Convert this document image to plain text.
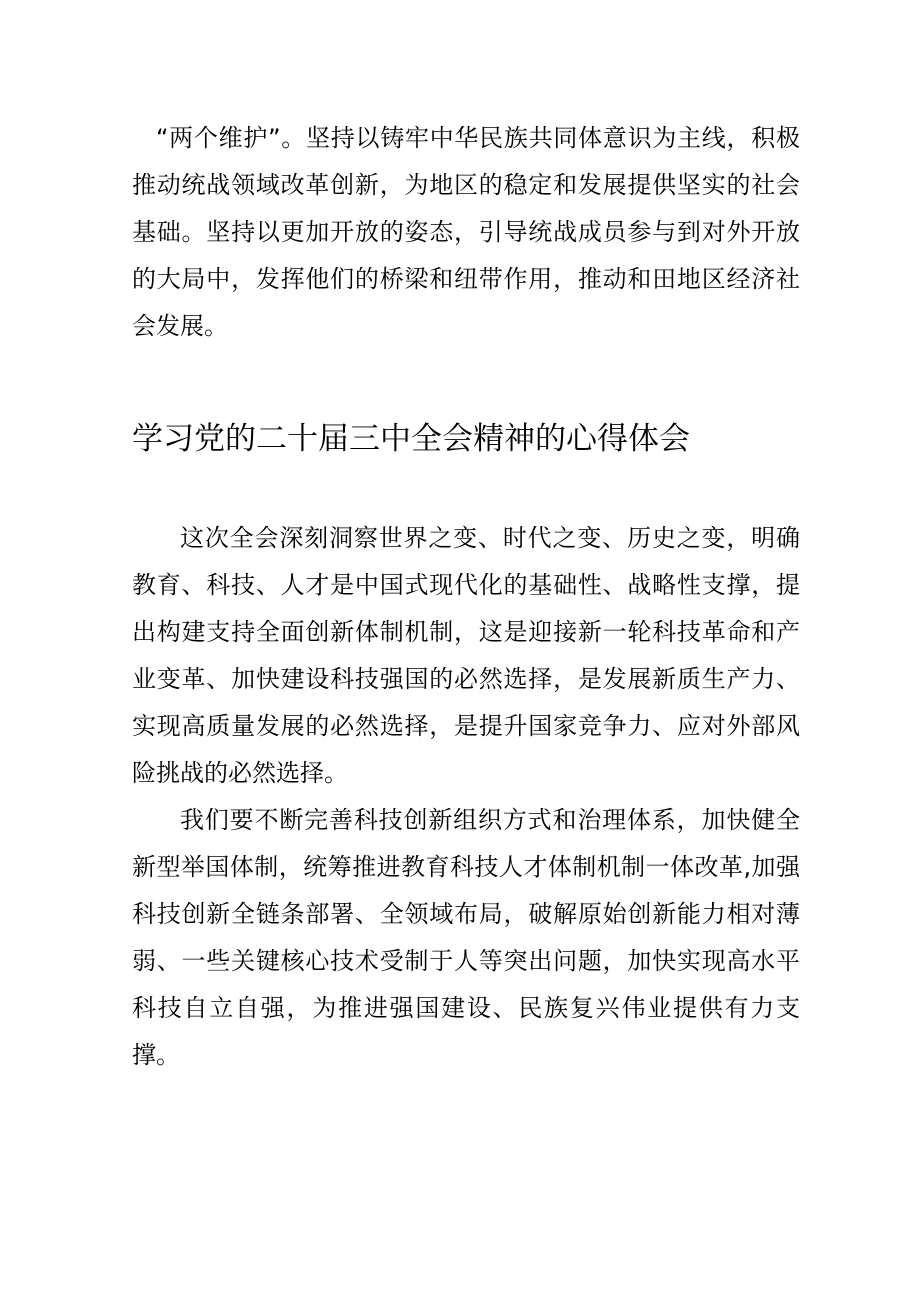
“两个维护”。坚持以铸牢中华民族共同体意识为主线，积极推动统战领域改革创新，为地区的稳定和发展提供坚实的社会基础。坚持以更加开放的姿态，引导统战成员参与到对外开放的大局中，发挥他们的桥梁和纽带作用，推动和田地区经济社会发展。

学习党的二十届三中全会精神的心得体会

这次全会深刻洞察世界之变、时代之变、历史之变，明确教育、科技、人才是中国式现代化的基础性、战略性支撑，提出构建支持全面创新体制机制，这是迎接新一轮科技革命和产业变革、加快建设科技强国的必然选择，是发展新质生产力、实现高质量发展的必然选择，是提升国家竞争力、应对外部风险挑战的必然选择。

我们要不断完善科技创新组织方式和治理体系，加快健全新型举国体制，统筹推进教育科技人才体制机制一体改革,加强科技创新全链条部署、全领域布局，破解原始创新能力相对薄弱、一些关键核心技术受制于人等突出问题，加快实现高水平科技自立自强，为推进强国建设、民族复兴伟业提供有力支撑。
